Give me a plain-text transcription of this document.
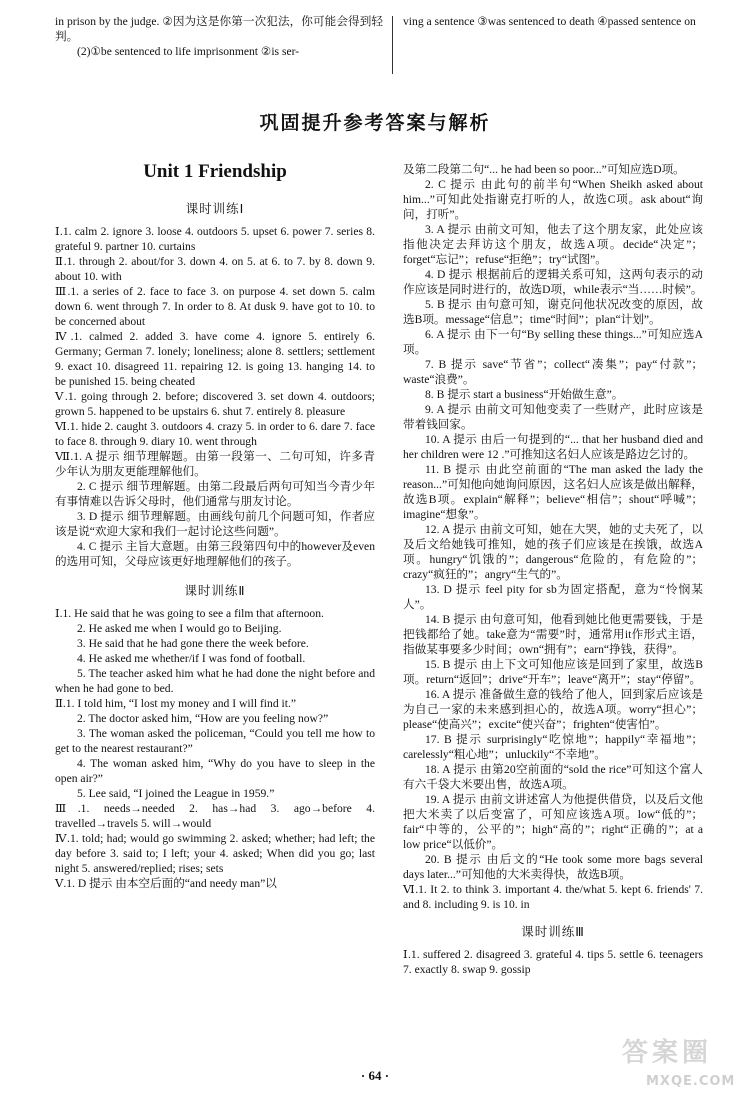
in prison by the judge. ②因为这是你第一次犯法，你可能会得到轻判。

(2)①be sentenced to life imprisonment ②is ser-

ving a sentence ③was sentenced to death ④passed sentence on

巩固提升参考答案与解析
Unit 1 Friendship
课时训练Ⅰ

Ⅰ.1. calm 2. ignore 3. loose 4. outdoors 5. upset 6. power 7. series 8. grateful 9. partner 10. curtains

Ⅱ.1. through 2. about/for 3. down 4. on 5. at 6. to 7. by 8. down 9. about 10. with

Ⅲ.1. a series of 2. face to face 3. on purpose 4. set down 5. calm down 6. went through 7. In order to 8. At dusk 9. have got to 10. to be concerned about

Ⅳ.1. calmed 2. added 3. have come 4. ignore 5. entirely 6. Germany; German 7. lonely; loneliness; alone 8. settlers; settlement 9. exact 10. disagreed 11. repairing 12. is going 13. hanging 14. to be punished 15. being cheated

Ⅴ.1. going through 2. before; discovered 3. set down 4. outdoors; grown 5. happened to be upstairs 6. shut 7. entirely 8. pleasure

Ⅵ.1. hide 2. caught 3. outdoors 4. crazy 5. in order to 6. dare 7. face to face 8. through 9. diary 10. went through

Ⅶ.1. A 提示 细节理解题。由第一段第一、二句可知，许多青少年认为朋友更能理解他们。

2. C 提示 细节理解题。由第二段最后两句可知当今青少年有事情难以告诉父母时，他们通常与朋友讨论。

3. D 提示 细节理解题。由画线句前几个问题可知，作者应该是说“欢迎大家和我们一起讨论这些问题”。

4. C 提示 主旨大意题。由第三段第四句中的however及even的选用可知，父母应该更好地理解他们的孩子。

课时训练Ⅱ

Ⅰ.1. He said that he was going to see a film that afternoon.

2. He asked me when I would go to Beijing.

3. He said that he had gone there the week before.

4. He asked me whether/if I was fond of football.

5. The teacher asked him what he had done the night before and when he had gone to bed.

Ⅱ.1. I told him, “I lost my money and I will find it.”

2. The doctor asked him, “How are you feeling now?”

3. The woman asked the policeman, “Could you tell me how to get to the nearest restaurant?”

4. The woman asked him, “Why do you have to sleep in the open air?”

5. Lee said, “I joined the League in 1959.”

Ⅲ.1. needs→needed 2. has→had 3. ago→before 4. travelled→travels 5. will→would

Ⅳ.1. told; had; would go swimming 2. asked; whether; had left; the day before 3. said to; I left; your 4. asked; When did you go; last night 5. answered/replied; rises; sets

Ⅴ.1. D 提示 由本空后面的“and needy man”以

及第二段第二句“... he had been so poor...”可知应选D项。

2. C 提示 由此句的前半句“When Sheikh asked about him...”可知此处指谢克打听的人，故选C项。ask about“询问，打听”。

3. A 提示 由前文可知，他去了这个朋友家，此处应该指他决定去拜访这个朋友，故选A项。decide“决定”；forget“忘记”；refuse“拒绝”；try“试图”。

4. D 提示 根据前后的逻辑关系可知，这两句表示的动作应该是同时进行的，故选D项，while表示“当……时候”。

5. B 提示 由句意可知，谢克问他状况改变的原因，故选B项。message“信息”；time“时间”；plan“计划”。

6. A 提示 由下一句“By selling these things...”可知应选A项。

7. B 提示 save“节省”；collect“凑集”；pay“付款”；waste“浪费”。

8. B 提示 start a business“开始做生意”。

9. A 提示 由前文可知他变卖了一些财产，此时应该是带着钱回家。

10. A 提示 由后一句提到的“... that her husband died and her children were 12 .”可推知这名妇人应该是路边乞讨的。

11. B 提示 由此空前面的“The man asked the lady the reason...”可知他向她询问原因，这名妇人应该是做出解释，故选B项。explain“解释”；believe“相信”；shout“呼喊”；imagine“想象”。

12. A 提示 由前文可知，她在大哭，她的丈夫死了，以及后文给她钱可推知，她的孩子们应该是在挨饿，故选A项。hungry“饥饿的”；dangerous“危险的，有危险的”；crazy“疯狂的”；angry“生气的”。

13. D 提示 feel pity for sb为固定搭配，意为“怜悯某人”。

14. B 提示 由句意可知，他看到她比他更需要钱，于是把钱都给了她。take意为“需要”时，通常用it作形式主语，指做某事要多少时间；own“拥有”；earn“挣钱，获得”。

15. B 提示 由上下文可知他应该是回到了家里，故选B项。return“返回”；drive“开车”；leave“离开”；stay“停留”。

16. A 提示 准备做生意的钱给了他人，回到家后应该是为自己一家的未来感到担心的，故选A项。worry“担心”；please“使高兴”；excite“使兴奋”；frighten“使害怕”。

17. B 提示 surprisingly“吃惊地”；happily“幸福地”；carelessly“粗心地”；unluckily“不幸地”。

18. A 提示 由第20空前面的“sold the rice”可知这个富人有六千袋大米要出售，故选A项。

19. A 提示 由前文讲述富人为他提供借贷，以及后文他把大米卖了以后变富了，可知应该选A项。low“低的”；fair“中等的，公平的”；high“高的”；right“正确的”；at a low price“以低价”。

20. B 提示 由后文的“He took some more bags several days later...”可知他的大米卖得快，故选B项。

Ⅵ.1. It 2. to think 3. important 4. the/what 5. kept 6. friends' 7. and 8. including 9. is 10. in

课时训练Ⅲ

Ⅰ.1. suffered 2. disagreed 3. grateful 4. tips 5. settle 6. teenagers 7. exactly 8. swap 9. gossip

· 64 ·
答案圈
MXQE.COM
